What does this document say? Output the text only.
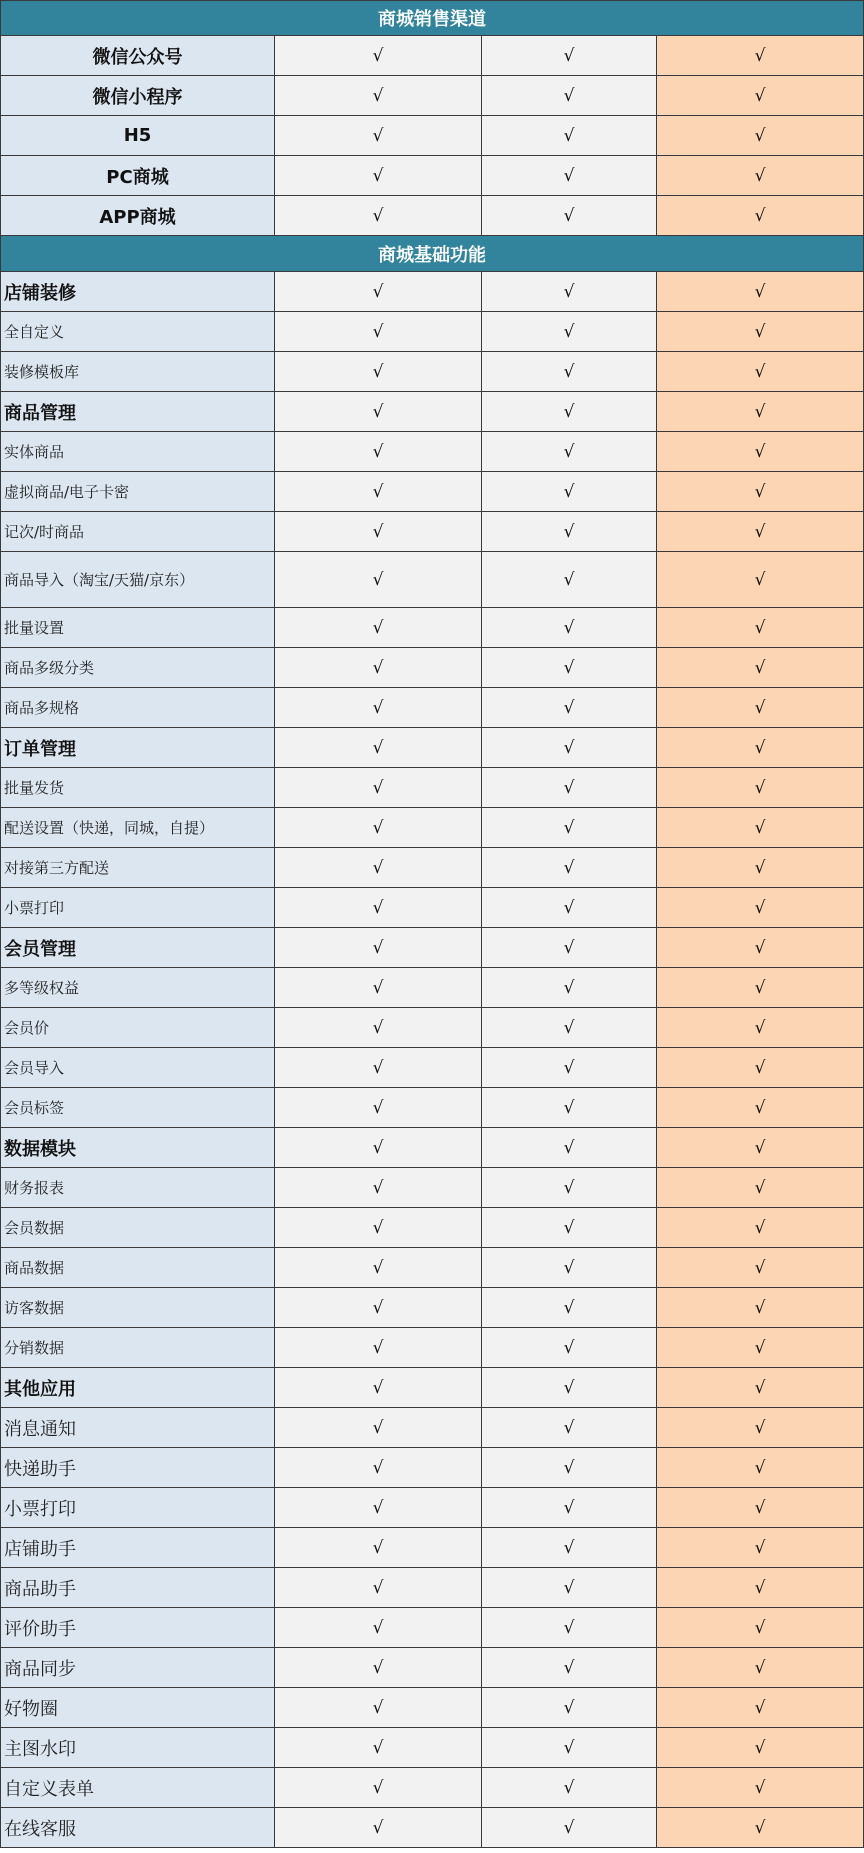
商城销售渠道
微信公众号	√	√	√
微信小程序	√	√	√
H5	√	√	√
PC商城	√	√	√
APP商城	√	√	√
商城基础功能
店铺装修	√	√	√
全自定义	√	√	√
装修模板库	√	√	√
商品管理	√	√	√
实体商品	√	√	√
虚拟商品/电子卡密	√	√	√
记次/时商品	√	√	√
商品导入（淘宝/天猫/京东）	√	√	√
批量设置	√	√	√
商品多级分类	√	√	√
商品多规格	√	√	√
订单管理	√	√	√
批量发货	√	√	√
配送设置（快递，同城，自提）	√	√	√
对接第三方配送	√	√	√
小票打印	√	√	√
会员管理	√	√	√
多等级权益	√	√	√
会员价	√	√	√
会员导入	√	√	√
会员标签	√	√	√
数据模块	√	√	√
财务报表	√	√	√
会员数据	√	√	√
商品数据	√	√	√
访客数据	√	√	√
分销数据	√	√	√
其他应用	√	√	√
消息通知	√	√	√
快递助手	√	√	√
小票打印	√	√	√
店铺助手	√	√	√
商品助手	√	√	√
评价助手	√	√	√
商品同步	√	√	√
好物圈	√	√	√
主图水印	√	√	√
自定义表单	√	√	√
在线客服	√	√	√
